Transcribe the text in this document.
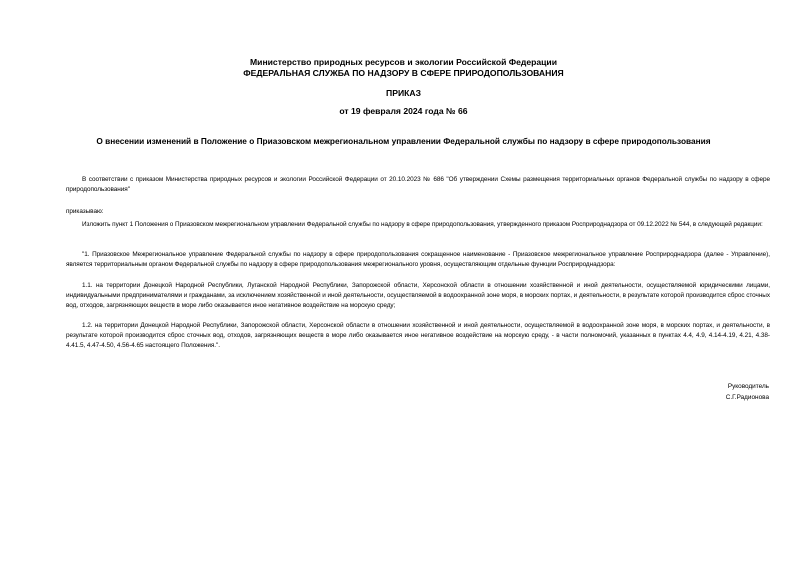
Министерство природных ресурсов и экологии Российской Федерации
ФЕДЕРАЛЬНАЯ СЛУЖБА ПО НАДЗОРУ В СФЕРЕ ПРИРОДОПОЛЬЗОВАНИЯ
ПРИКАЗ
от 19 февраля 2024 года № 66
О внесении изменений в Положение о Приазовском межрегиональном управлении Федеральной службы по надзору в сфере природопользования
В соответствии с приказом Министерства природных ресурсов и экологии Российской Федерации от 20.10.2023 № 686 "Об утверждении Схемы размещения территориальных органов Федеральной службы по надзору в сфере природопользования"
приказываю:
Изложить пункт 1 Положения о Приазовском межрегиональном управлении Федеральной службы по надзору в сфере природопользования, утвержденного приказом Росприроднадзора от 09.12.2022 № 544, в следующей редакции:
"1. Приазовское Межрегиональное управление Федеральной службы по надзору в сфере природопользования сокращенное наименование - Приазовское межрегиональное управление Росприроднадзора (далее - Управление), является территориальным органом Федеральной службы по надзору в сфере природопользования межрегионального уровня, осуществляющим отдельные функции Росприроднадзора:
1.1. на территории Донецкой Народной Республики, Луганской Народной Республики, Запорожской области, Херсонской области в отношении хозяйственной и иной деятельности, осуществляемой юридическими лицами, индивидуальными предпринимателями и гражданами, за исключением хозяйственной и иной деятельности, осуществляемой в водоохранной зоне моря, в морских портах, и деятельности, в результате которой производится сброс сточных вод, отходов, загрязняющих веществ в море либо оказывается иное негативное воздействие на морскую среду;
1.2. на территории Донецкой Народной Республики, Запорожской области, Херсонской области в отношении хозяйственной и иной деятельности, осуществляемой в водоохранной зоне моря, в морских портах, и деятельности, в результате которой производится сброс сточных вод, отходов, загрязняющих веществ в море либо оказывается иное негативное воздействие на морскую среду, - в части полномочий, указанных в пунктах 4.4, 4.9, 4.14-4.19, 4.21, 4.38-4.41.5, 4.47-4.50, 4.56-4.65 настоящего Положения.".
Руководитель
С.Г.Радионова
